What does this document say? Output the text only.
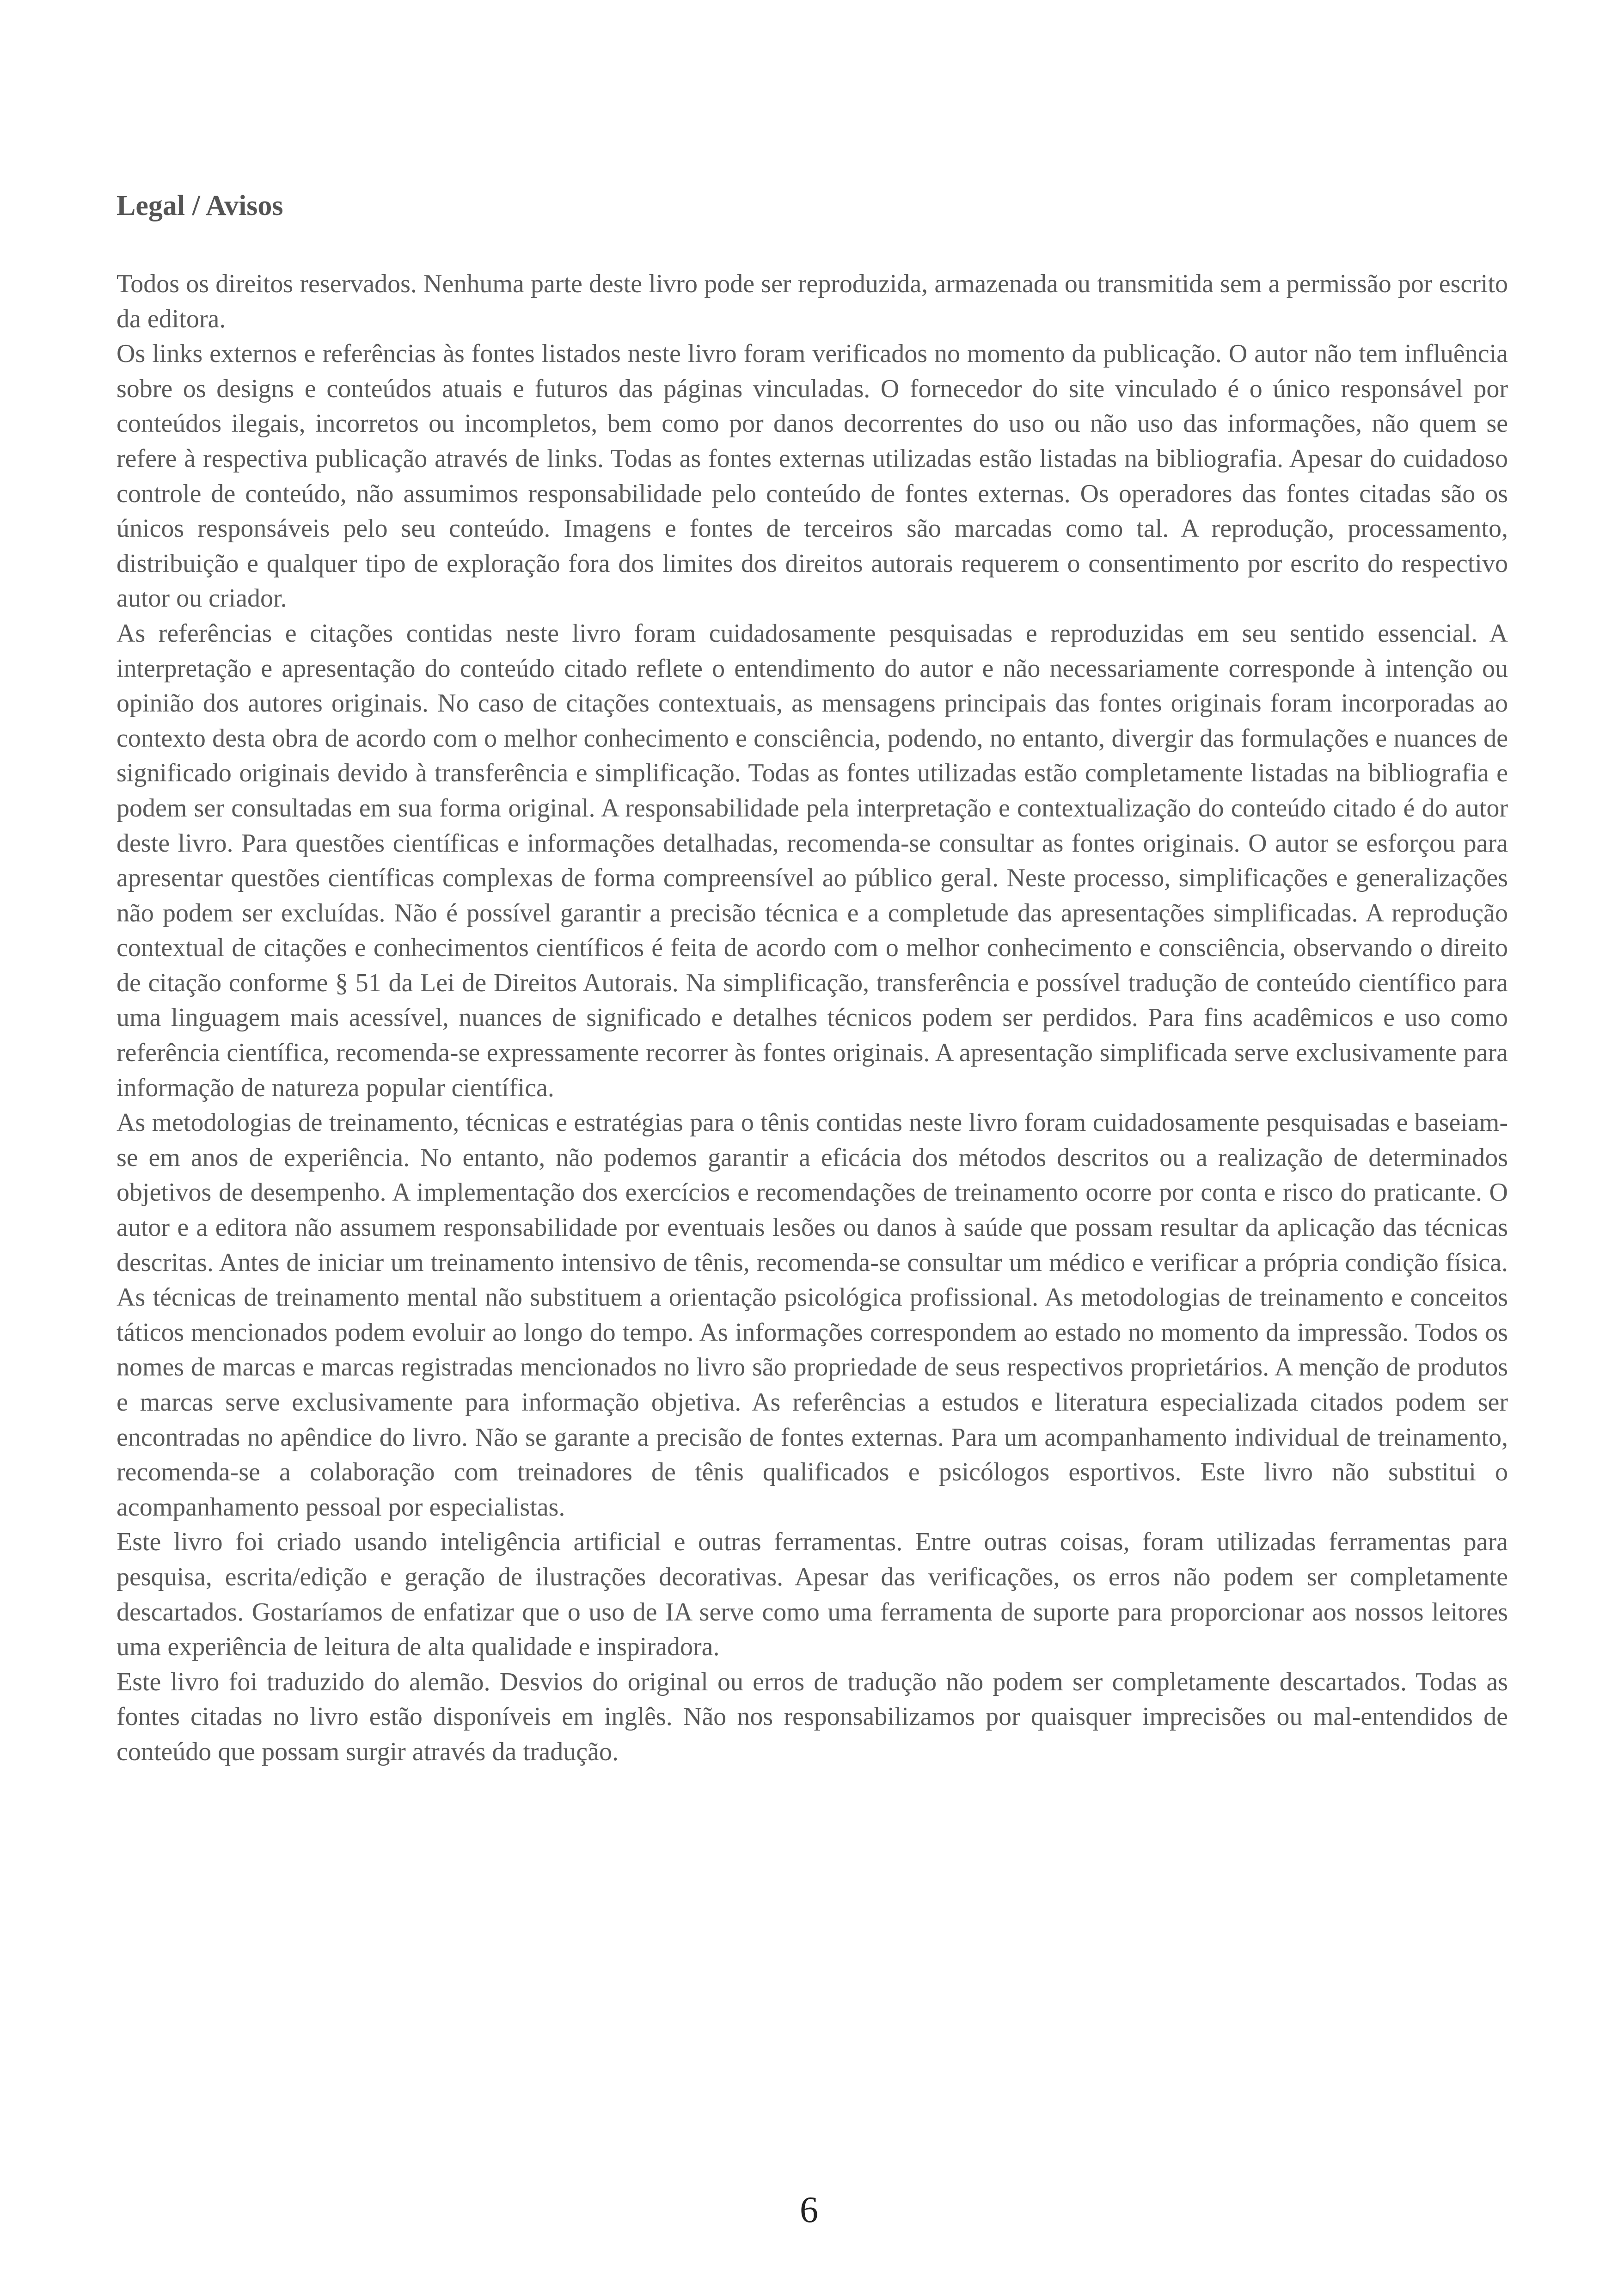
Legal / Avisos

Todos os direitos reservados. Nenhuma parte deste livro pode ser reproduzida, armazenada ou transmitida sem a permissão por escrito da editora.

Os links externos e referências às fontes listados neste livro foram verificados no momento da publicação. O autor não tem influência sobre os designs e conteúdos atuais e futuros das páginas vinculadas. O fornecedor do site vinculado é o único responsável por conteúdos ilegais, incorretos ou incompletos, bem como por danos decorrentes do uso ou não uso das informações, não quem se refere à respectiva publicação através de links. Todas as fontes externas utilizadas estão listadas na bibliografia. Apesar do cuidadoso controle de conteúdo, não assumimos responsabilidade pelo conteúdo de fontes externas. Os operadores das fontes citadas são os únicos responsáveis pelo seu conteúdo. Imagens e fontes de terceiros são marcadas como tal. A reprodução, processamento, distribuição e qualquer tipo de exploração fora dos limites dos direitos autorais requerem o consentimento por escrito do respectivo autor ou criador.

As referências e citações contidas neste livro foram cuidadosamente pesquisadas e reproduzidas em seu sentido essencial. A interpretação e apresentação do conteúdo citado reflete o entendimento do autor e não necessariamente corresponde à intenção ou opinião dos autores originais. No caso de citações contextuais, as mensagens principais das fontes originais foram incorporadas ao contexto desta obra de acordo com o melhor conhecimento e consciência, podendo, no entanto, divergir das formulações e nuances de significado originais devido à transferência e simplificação. Todas as fontes utilizadas estão completamente listadas na bibliografia e podem ser consultadas em sua forma original. A responsabilidade pela interpretação e contextualização do conteúdo citado é do autor deste livro. Para questões científicas e informações detalhadas, recomenda-se consultar as fontes originais. O autor se esforçou para apresentar questões científicas complexas de forma compreensível ao público geral. Neste processo, simplificações e generalizações não podem ser excluídas. Não é possível garantir a precisão técnica e a completude das apresentações simplificadas. A reprodução contextual de citações e conhecimentos científicos é feita de acordo com o melhor conhecimento e consciência, observando o direito de citação conforme § 51 da Lei de Direitos Autorais. Na simplificação, transferência e possível tradução de conteúdo científico para uma linguagem mais acessível, nuances de significado e detalhes técnicos podem ser perdidos. Para fins acadêmicos e uso como referência científica, recomenda-se expressamente recorrer às fontes originais. A apresentação simplificada serve exclusivamente para informação de natureza popular científica.

As metodologias de treinamento, técnicas e estratégias para o tênis contidas neste livro foram cuidadosamente pesquisadas e baseiam-se em anos de experiência. No entanto, não podemos garantir a eficácia dos métodos descritos ou a realização de determinados objetivos de desempenho. A implementação dos exercícios e recomendações de treinamento ocorre por conta e risco do praticante. O autor e a editora não assumem responsabilidade por eventuais lesões ou danos à saúde que possam resultar da aplicação das técnicas descritas. Antes de iniciar um treinamento intensivo de tênis, recomenda-se consultar um médico e verificar a própria condição física. As técnicas de treinamento mental não substituem a orientação psicológica profissional. As metodologias de treinamento e conceitos táticos mencionados podem evoluir ao longo do tempo. As informações correspondem ao estado no momento da impressão. Todos os nomes de marcas e marcas registradas mencionados no livro são propriedade de seus respectivos proprietários. A menção de produtos e marcas serve exclusivamente para informação objetiva. As referências a estudos e literatura especializada citados podem ser encontradas no apêndice do livro. Não se garante a precisão de fontes externas. Para um acompanhamento individual de treinamento, recomenda-se a colaboração com treinadores de tênis qualificados e psicólogos esportivos. Este livro não substitui o acompanhamento pessoal por especialistas.

Este livro foi criado usando inteligência artificial e outras ferramentas. Entre outras coisas, foram utilizadas ferramentas para pesquisa, escrita/edição e geração de ilustrações decorativas. Apesar das verificações, os erros não podem ser completamente descartados. Gostaríamos de enfatizar que o uso de IA serve como uma ferramenta de suporte para proporcionar aos nossos leitores uma experiência de leitura de alta qualidade e inspiradora.

Este livro foi traduzido do alemão. Desvios do original ou erros de tradução não podem ser completamente descartados. Todas as fontes citadas no livro estão disponíveis em inglês. Não nos responsabilizamos por quaisquer imprecisões ou mal-entendidos de conteúdo que possam surgir através da tradução.

6
